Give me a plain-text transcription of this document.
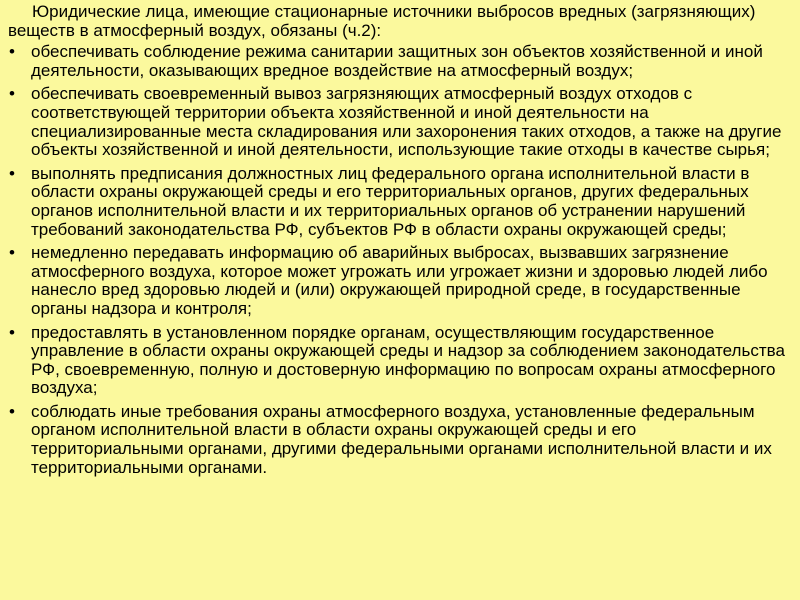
Юридические лица, имеющие стационарные источники выбросов вредных (загрязняющих) веществ в атмосферный воздух, обязаны (ч.2):

• обеспечивать соблюдение режима санитарии защитных зон объектов хозяйственной и иной деятельности, оказывающих вредное воздействие на атмосферный воздух;
• обеспечивать своевременный вывоз загрязняющих атмосферный воздух отходов с соответствующей территории объекта хозяйственной и иной деятельности на специализированные места складирования или захоронения таких отходов, а также на другие объекты хозяйственной и иной деятельности, использующие такие отходы в качестве сырья;
• выполнять предписания должностных лиц федерального органа исполнительной власти в области охраны окружающей среды и его территориальных органов, других федеральных органов исполнительной власти и их территориальных органов об устранении нарушений требований законодательства РФ, субъектов РФ в области охраны окружающей среды;
• немедленно передавать информацию об аварийных выбросах, вызвавших загрязнение атмосферного воздуха, которое может угрожать или угрожает жизни и здоровью людей либо нанесло вред здоровью людей и (или) окружающей природной среде, в государственные органы надзора и контроля;
• предоставлять в установленном порядке органам, осуществляющим государственное управление в области охраны окружающей среды и надзор за соблюдением законодательства РФ, своевременную, полную и достоверную информацию по вопросам охраны атмосферного воздуха;
• соблюдать иные требования охраны атмосферного воздуха, установленные федеральным органом исполнительной власти в области охраны окружающей среды и его территориальными органами, другими федеральными органами исполнительной власти и их территориальными органами.
